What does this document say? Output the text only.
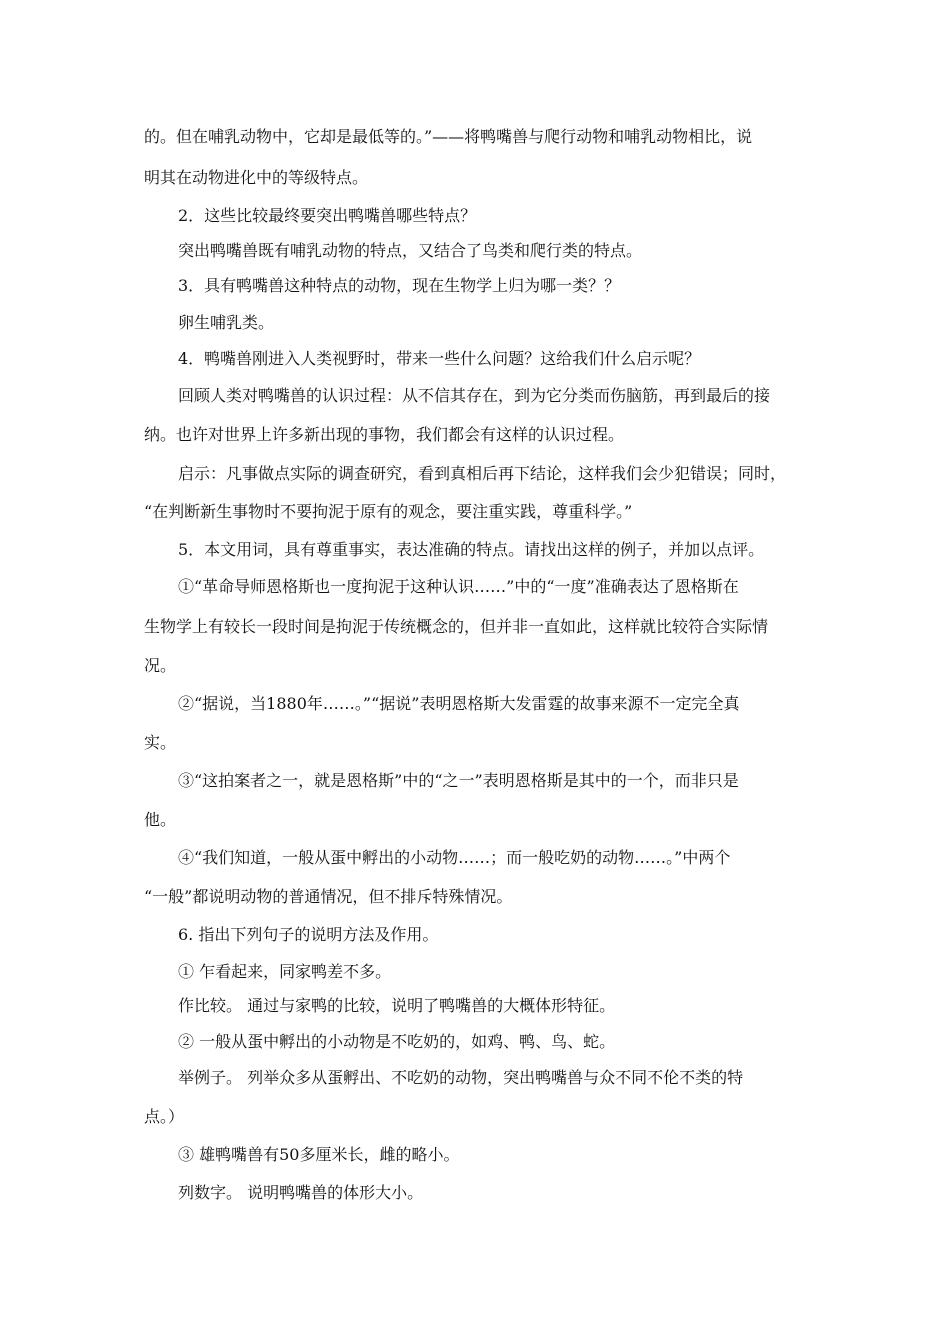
的。但在哺乳动物中，它却是最低等的。”——将鸭嘴兽与爬行动物和哺乳动物相比，说
明其在动物进化中的等级特点。
2．这些比较最终要突出鸭嘴兽哪些特点？
突出鸭嘴兽既有哺乳动物的特点，又结合了鸟类和爬行类的特点。
3．具有鸭嘴兽这种特点的动物，现在生物学上归为哪一类？？
卵生哺乳类。
4．鸭嘴兽刚进入人类视野时，带来一些什么问题？这给我们什么启示呢？
回顾人类对鸭嘴兽的认识过程：从不信其存在，到为它分类而伤脑筋，再到最后的接
纳。也许对世界上许多新出现的事物，我们都会有这样的认识过程。
启示：凡事做点实际的调查研究，看到真相后再下结论，这样我们会少犯错误；同时，
“在判断新生事物时不要拘泥于原有的观念，要注重实践，尊重科学。”
5．本文用词，具有尊重事实，表达准确的特点。请找出这样的例子，并加以点评。
①“革命导师恩格斯也一度拘泥于这种认识……”中的“一度”准确表达了恩格斯在
生物学上有较长一段时间是拘泥于传统概念的，但并非一直如此，这样就比较符合实际情
况。
②“据说，当1880年……。”“据说”表明恩格斯大发雷霆的故事来源不一定完全真
实。
③“这拍案者之一，就是恩格斯”中的“之一”表明恩格斯是其中的一个，而非只是
他。
④“我们知道，一般从蛋中孵出的小动物……；而一般吃奶的动物……。”中两个
“一般”都说明动物的普通情况，但不排斥特殊情况。
6. 指出下列句子的说明方法及作用。
① 乍看起来，同家鸭差不多。
作比较。 通过与家鸭的比较，说明了鸭嘴兽的大概体形特征。
② 一般从蛋中孵出的小动物是不吃奶的，如鸡、鸭、鸟、蛇。
举例子。 列举众多从蛋孵出、不吃奶的动物，突出鸭嘴兽与众不同不伦不类的特
点。）
③ 雄鸭嘴兽有50多厘米长，雌的略小。
列数字。 说明鸭嘴兽的体形大小。
